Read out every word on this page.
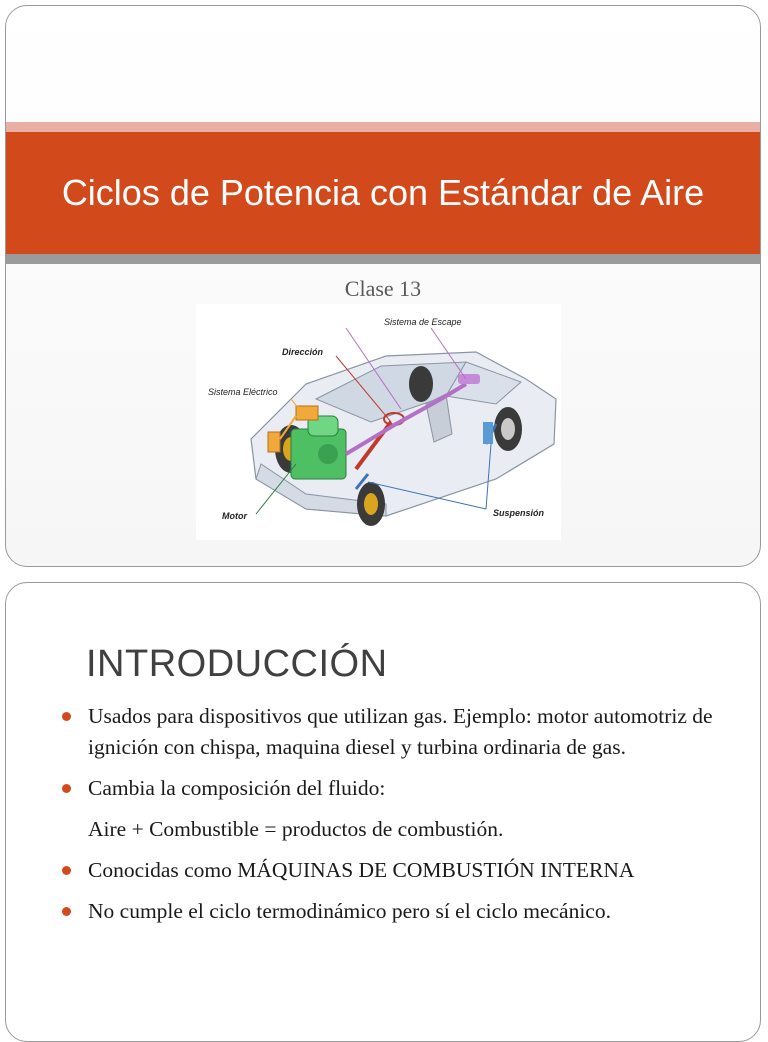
Ciclos de Potencia con Estándar de Aire
Clase 13
Sistema de Escape
Dirección
Sistema Eléctrico
Motor	Suspensión
INTRODUCCIÓN
Usados para dispositivos que utilizan gas. Ejemplo: motor automotriz de ignición con chispa, maquina diesel y turbina ordinaria de gas.
Cambia la composición del fluido:
Aire + Combustible = productos de combustión.
Conocidas como MÁQUINAS DE COMBUSTIÓN INTERNA
No cumple el ciclo termodinámico pero sí el ciclo mecánico.
